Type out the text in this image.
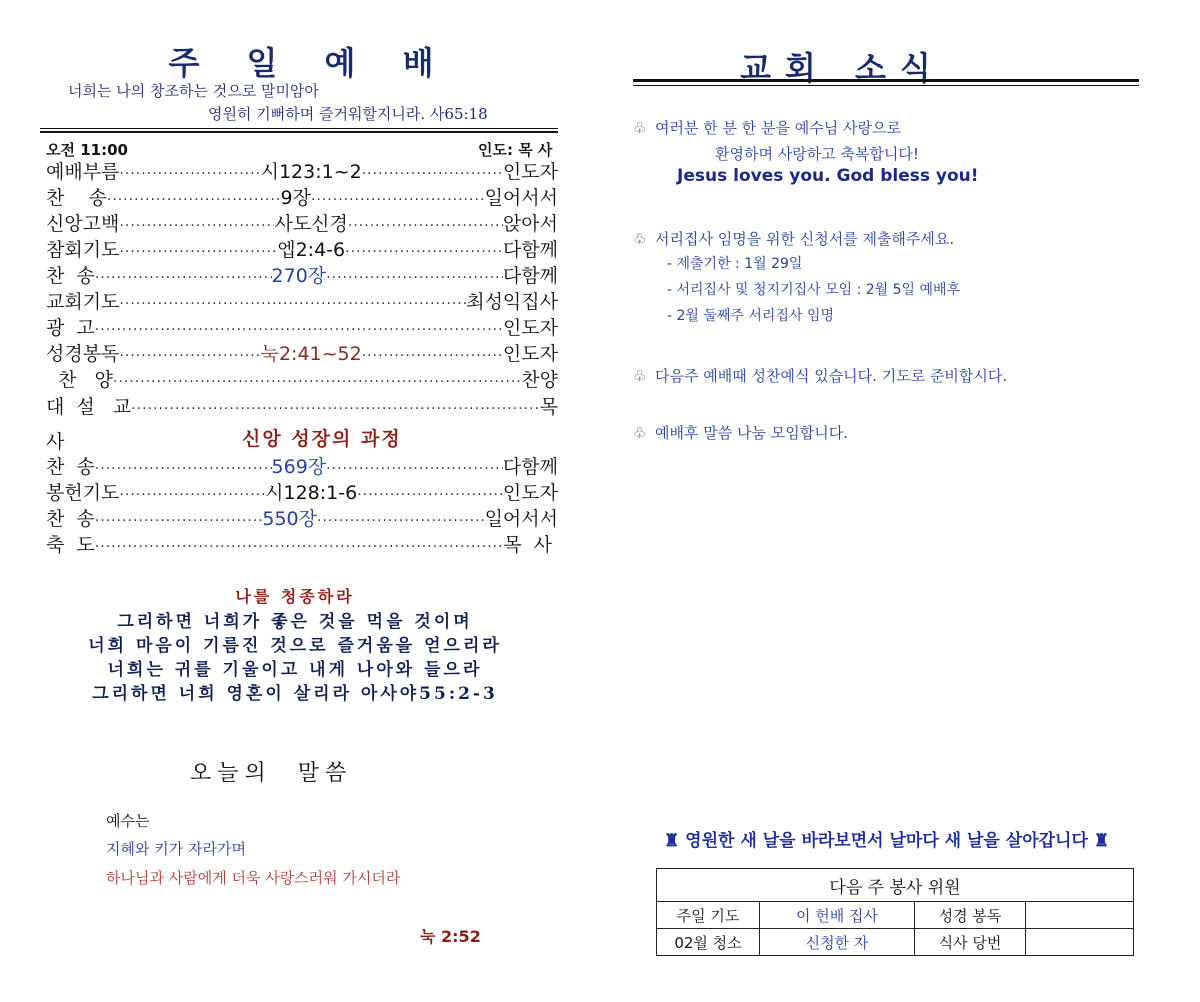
주 일 예 배
너희는 나의 창조하는 것으로 말미암아
영원히 기뻐하며 즐거워할지니라. 사65:18
오전 11:00	인도: 목 사
예배부름 ·····	시123:1~2 ·····	인도자
찬    송 ·····	9장 ·····	일어서서
신앙고백 ·····	사도신경 ·····	앉아서
참회기도 ·····	엡2:4-6 ·····	다함께
찬  송 ·····	270장 ·····	다함께
교회기도 ·····	최성익집사
광  고 ·····	인도자
성경봉독 ·····	눅2:41~52 ·····	인도자
찬   양 ·····	찬양
대  설   교 ·····	목
사	신앙 성장의 과정
찬  송 ·····	569장 ·····	다함께
봉헌기도 ·····	시128:1-6 ·····	인도자
찬  송 ·····	550장 ·····	일어서서
축  도 ·····	목  사
나를 청종하라
그리하면 너희가 좋은 것을 먹을 것이며
너희 마음이 기름진 것으로 즐거움을 얻으리라
너희는 귀를 기울이고 내게 나아와 들으라
그리하면 너희 영혼이 살리라 아사야55:2-3
오늘의  말씀
예수는
지혜와 키가 자라가며
하나님과 사람에게 더욱 사랑스러워 가시더라
눅 2:52
교회 소식
♧ 여러분 한 분 한 분을 예수님 사랑으로
환영하며 사랑하고 축복합니다!
Jesus loves you. God bless you!
♧ 서리집사 임명을 위한 신청서를 제출해주세요.
- 제출기한 : 1월 29일
- 서리집사 및 청지기집사 모임 : 2월 5일 예배후
- 2월 둘째주 서리집사 임명
♧ 다음주 예배때 성찬예식 있습니다. 기도로 준비합시다.
♧ 예배후 말씀 나눔 모임합니다.
♜ 영원한 새 날을 바라보면서 날마다 새 날을 살아갑니다 ♜
다음 주 봉사 위원			
주일 기도	이 헌배 집사	성경 봉독	
02월 청소	신청한 자	식사 당번	
